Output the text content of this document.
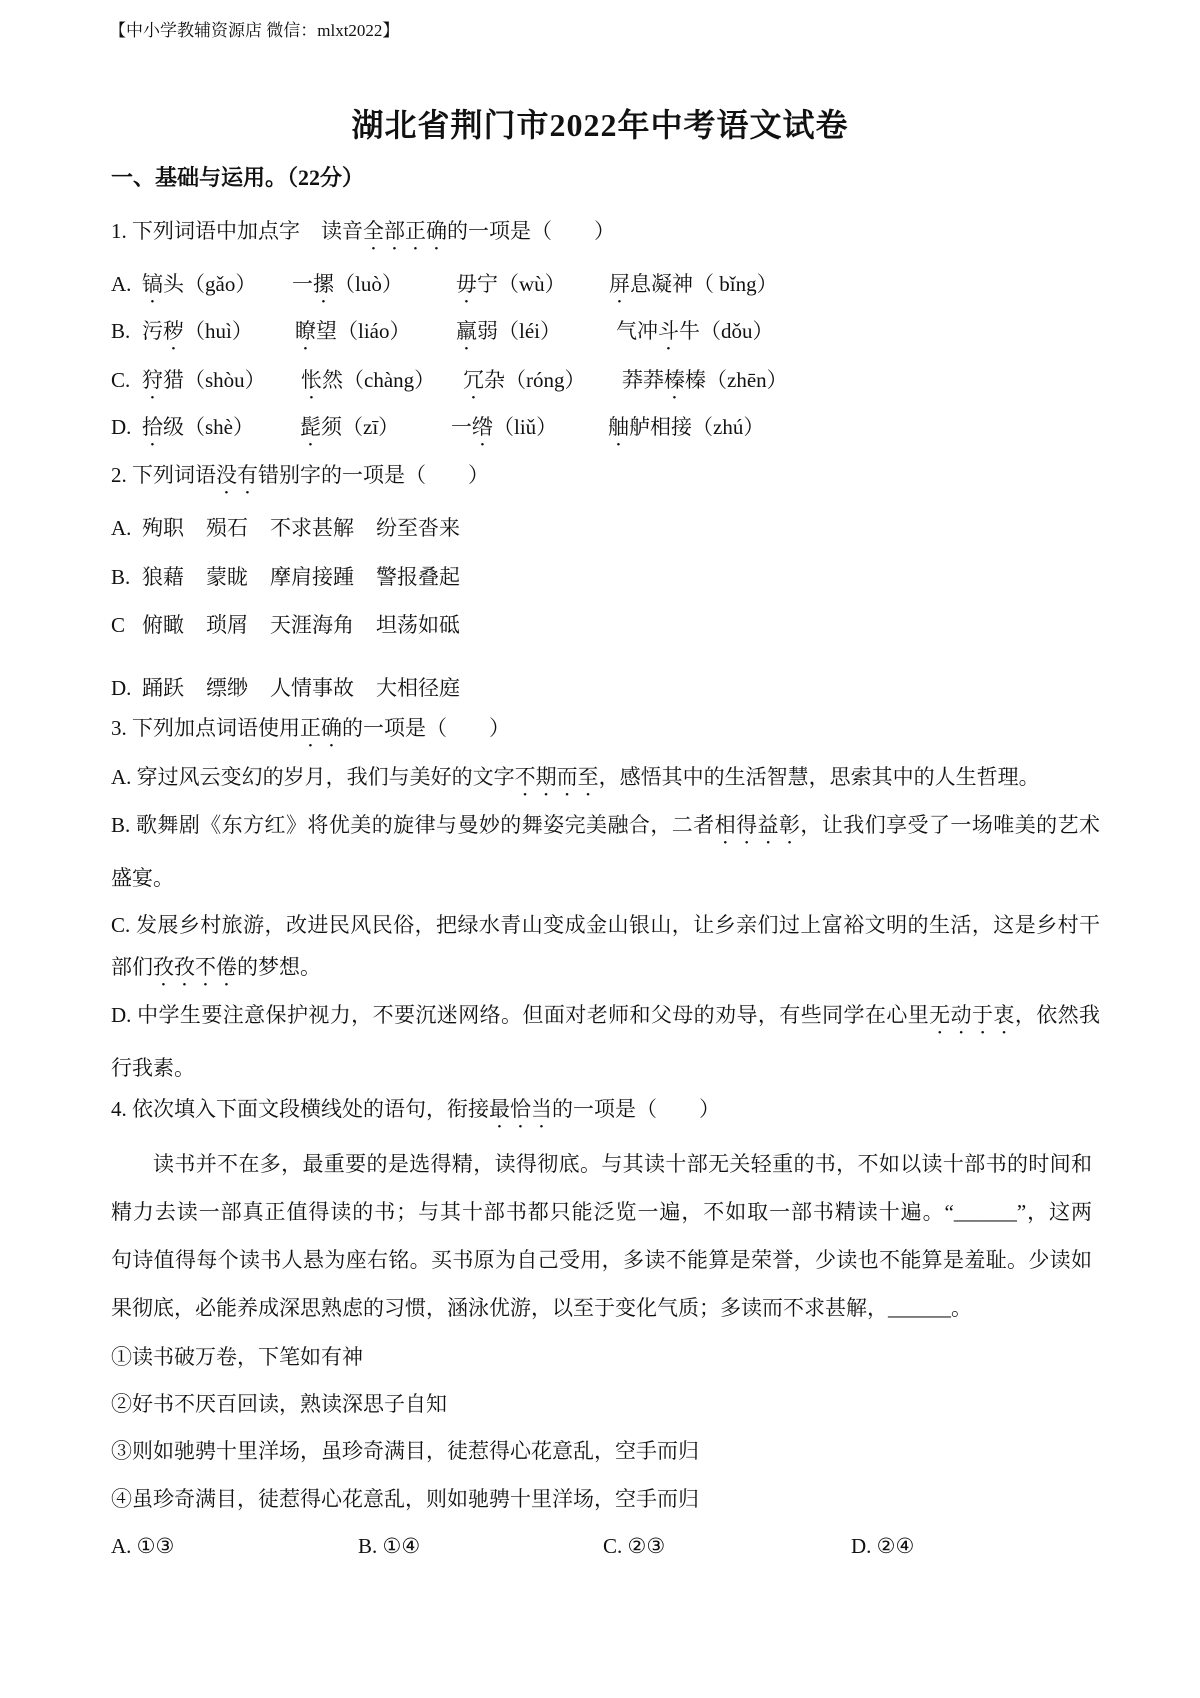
【中小学教辅资源店 微信：mlxt2022】
湖北省荆门市2022年中考语文试卷
一、基础与运用。（22分）
1. 下列词语中加点字　读音全部正确的一项是（　　）
A. 镐头（gǎo） 一摞（luò）	毋宁（wù） 屏息凝神（ bǐng）
B. 污秽（huì） 瞭望（liáo） 羸弱（léi）	气冲斗牛（dǒu）
C. 狩猎（shòu） 怅然（chàng） 冗杂（róng） 莽莽榛榛（zhēn）
D. 拾级（shè） 髭须（zī） 一绺（liǔ） 舳舻相接（zhú）
2. 下列词语没有错别字的一项是（　　）
A. 殉职 殒石 不求甚解 纷至沓来
B. 狼藉 蒙眬 摩肩接踵 警报叠起
C 俯瞰 琐屑 天涯海角 坦荡如砥
D. 踊跃 缥缈 人情事故 大相径庭
3. 下列加点词语使用正确的一项是（　　）
A. 穿过风云变幻的岁月，我们与美好的文字不期而至，感悟其中的生活智慧，思索其中的人生哲理。
B. 歌舞剧《东方红》将优美的旋律与曼妙的舞姿完美融合，二者相得益彰，让我们享受了一场唯美的艺术
盛宴。
C. 发展乡村旅游，改进民风民俗，把绿水青山变成金山银山，让乡亲们过上富裕文明的生活，这是乡村干
部们孜孜不倦的梦想。
D. 中学生要注意保护视力，不要沉迷网络。但面对老师和父母的劝导，有些同学在心里无动于衷，依然我
行我素。
4. 依次填入下面文段横线处的语句，衔接最恰当的一项是（　　）
读书并不在多，最重要的是选得精，读得彻底。与其读十部无关轻重的书，不如以读十部书的时间和
精力去读一部真正值得读的书；与其十部书都只能泛览一遍，不如取一部书精读十遍。“______”，这两
句诗值得每个读书人悬为座右铭。买书原为自己受用，多读不能算是荣誉，少读也不能算是羞耻。少读如
果彻底，必能养成深思熟虑的习惯，涵泳优游，以至于变化气质；多读而不求甚解，______。
①读书破万卷，下笔如有神
②好书不厌百回读，熟读深思子自知
③则如驰骋十里洋场，虽珍奇满目，徒惹得心花意乱，空手而归
④虽珍奇满目，徒惹得心花意乱，则如驰骋十里洋场，空手而归
A. ①③	B. ①④	C. ②③	D. ②④
